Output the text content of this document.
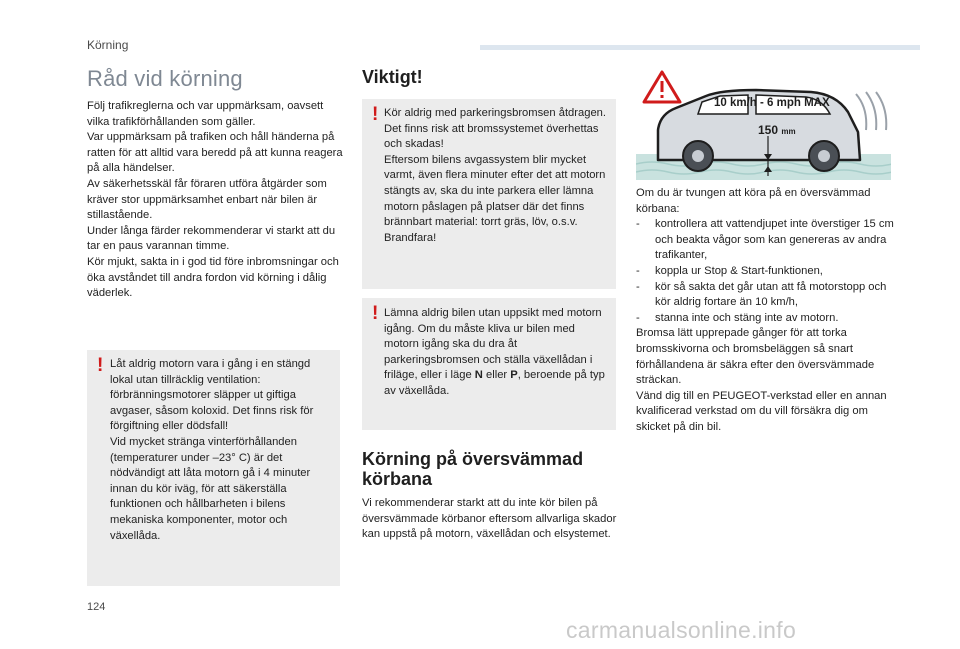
Körning
Råd vid körning

Följ trafikreglerna och var uppmärksam, oavsett vilka trafikförhållanden som gäller.

Var uppmärksam på trafiken och håll händerna på ratten för att alltid vara beredd på att kunna reagera på alla händelser.

Av säkerhetsskäl får föraren utföra åtgärder som kräver stor uppmärksamhet enbart när bilen är stillastående.

Under långa färder rekommenderar vi starkt att du tar en paus varannan timme.

Kör mjukt, sakta in i god tid före inbromsningar och öka avståndet till andra fordon vid körning i dålig väderlek.

! Låt aldrig motorn vara i gång i en stängd lokal utan tillräcklig ventilation: förbränningsmotorer släpper ut giftiga avgaser, såsom koloxid. Det finns risk för förgiftning eller dödsfall!

Vid mycket stränga vinterförhållanden (temperaturer under –23° C) är det nödvändigt att låta motorn gå i 4 minuter innan du kör iväg, för att säkerställa funktionen och hållbarheten i bilens mekaniska komponenter, motor och växellåda.

Viktigt!
! Kör aldrig med parkeringsbromsen åtdragen. Det finns risk att bromssystemet överhettas och skadas!

Eftersom bilens avgassystem blir mycket varmt, även flera minuter efter det att motorn stängts av, ska du inte parkera eller lämna motorn påslagen på platser där det finns brännbart material: torrt gräs, löv, o.s.v. Brandfara!

! Lämna aldrig bilen utan uppsikt med motorn igång. Om du måste kliva ur bilen med motorn igång ska du dra åt parkeringsbromsen och ställa växellådan i friläge, eller i läge N eller P, beroende på typ av växellåda.

Körning på översvämmad körbana

Vi rekommenderar starkt att du inte kör bilen på översvämmade körbanor eftersom allvarliga skador kan uppstå på motorn, växellådan och elsystemet.

10 km/h - 6 mph MAX
150 mm

Om du är tvungen att köra på en översvämmad körbana:

- kontrollera att vattendjupet inte överstiger 15 cm och beakta vågor som kan genereras av andra trafikanter,
- koppla ur Stop & Start-funktionen,
- kör så sakta det går utan att få motorstopp och kör aldrig fortare än 10 km/h,
- stanna inte och stäng inte av motorn.

Bromsa lätt upprepade gånger för att torka bromsskivorna och bromsbeläggen så snart förhållandena är säkra efter den översvämmade sträckan.

Vänd dig till en PEUGEOT-verkstad eller en annan kvalificerad verkstad om du vill försäkra dig om skicket på din bil.

124
carmanualsonline.info
